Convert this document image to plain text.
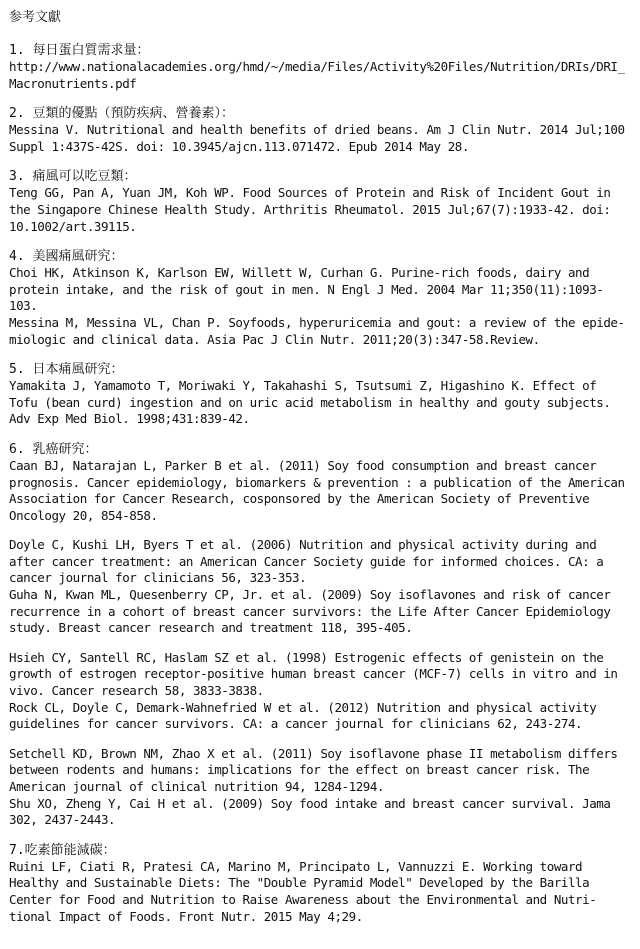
参考文獻
1. 每日蛋白質需求量：
http://www.nationalacademies.org/hmd/~/media/Files/Activity%20Files/Nutrition/DRIs/DRI_
Macronutrients.pdf
2. 豆類的優點（預防疾病、營養素）：
Messina V. Nutritional and health benefits of dried beans. Am J Clin Nutr. 2014 Jul;100
Suppl 1:437S-42S. doi: 10.3945/ajcn.113.071472. Epub 2014 May 28.
3. 痛風可以吃豆類：
Teng GG, Pan A, Yuan JM, Koh WP. Food Sources of Protein and Risk of Incident Gout in
the Singapore Chinese Health Study. Arthritis Rheumatol. 2015 Jul;67(7):1933-42. doi:
10.1002/art.39115.
4. 美國痛風研究：
Choi HK, Atkinson K, Karlson EW, Willett W, Curhan G. Purine-rich foods, dairy and
protein intake, and the risk of gout in men. N Engl J Med. 2004 Mar 11;350(11):1093-
103.
Messina M, Messina VL, Chan P. Soyfoods, hyperuricemia and gout: a review of the epide-
miologic and clinical data. Asia Pac J Clin Nutr. 2011;20(3):347-58.Review.
5. 日本痛風研究：
Yamakita J, Yamamoto T, Moriwaki Y, Takahashi S, Tsutsumi Z, Higashino K. Effect of
Tofu (bean curd) ingestion and on uric acid metabolism in healthy and gouty subjects.
Adv Exp Med Biol. 1998;431:839-42.
6. 乳癌研究：
Caan BJ, Natarajan L, Parker B et al. (2011) Soy food consumption and breast cancer
prognosis. Cancer epidemiology, biomarkers & prevention : a publication of the American
Association for Cancer Research, cosponsored by the American Society of Preventive
Oncology 20, 854-858.
Doyle C, Kushi LH, Byers T et al. (2006) Nutrition and physical activity during and
after cancer treatment: an American Cancer Society guide for informed choices. CA: a
cancer journal for clinicians 56, 323-353.
Guha N, Kwan ML, Quesenberry CP, Jr. et al. (2009) Soy isoflavones and risk of cancer
recurrence in a cohort of breast cancer survivors: the Life After Cancer Epidemiology
study. Breast cancer research and treatment 118, 395-405.
Hsieh CY, Santell RC, Haslam SZ et al. (1998) Estrogenic effects of genistein on the
growth of estrogen receptor-positive human breast cancer (MCF-7) cells in vitro and in
vivo. Cancer research 58, 3833-3838.
Rock CL, Doyle C, Demark-Wahnefried W et al. (2012) Nutrition and physical activity
guidelines for cancer survivors. CA: a cancer journal for clinicians 62, 243-274.
Setchell KD, Brown NM, Zhao X et al. (2011) Soy isoflavone phase II metabolism differs
between rodents and humans: implications for the effect on breast cancer risk. The
American journal of clinical nutrition 94, 1284-1294.
Shu XO, Zheng Y, Cai H et al. (2009) Soy food intake and breast cancer survival. Jama
302, 2437-2443.
7.吃素節能減碳：
Ruini LF, Ciati R, Pratesi CA, Marino M, Principato L, Vannuzzi E. Working toward
Healthy and Sustainable Diets: The "Double Pyramid Model" Developed by the Barilla
Center for Food and Nutrition to Raise Awareness about the Environmental and Nutri-
tional Impact of Foods. Front Nutr. 2015 May 4;29.
